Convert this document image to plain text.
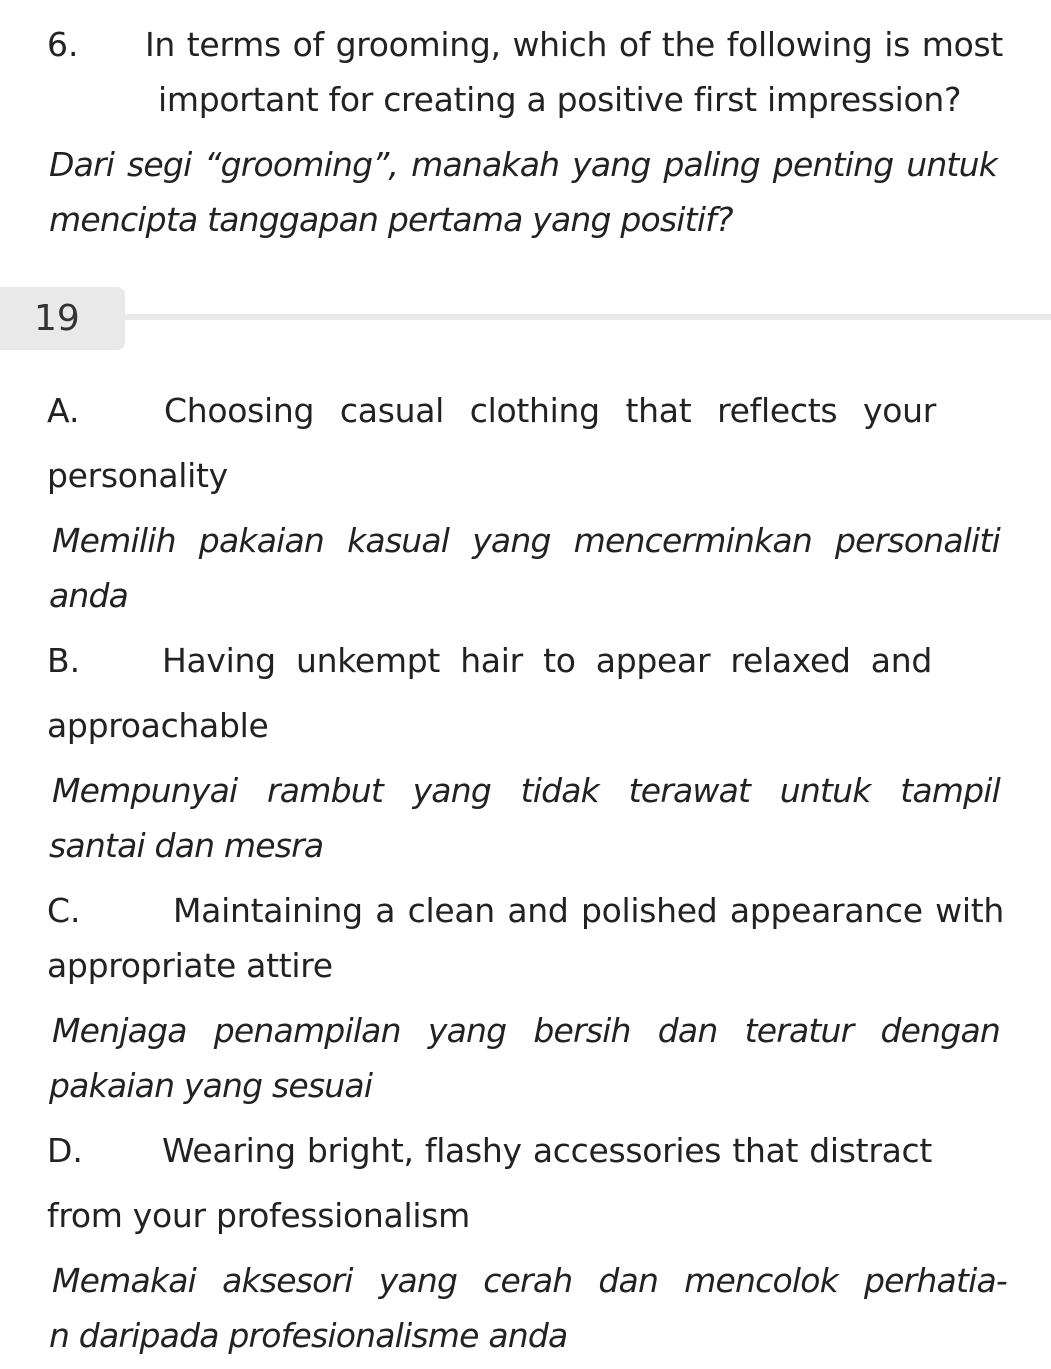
6. In terms of grooming, which of the following is most
important for creating a positive first impression?
Dari segi “grooming”, manakah yang paling penting untuk
mencipta tanggapan pertama yang positif?
19
A.	Choosing casual clothing that reflects your
personality
Memilih pakaian kasual yang mencerminkan personaliti
anda
B. Having unkempt hair to appear relaxed and
approachable
Mempunyai rambut yang tidak terawat untuk tampil
santai dan mesra
C.	Maintaining a clean and polished appearance with
appropriate attire
Menjaga penampilan yang bersih dan teratur dengan
pakaian yang sesuai
D. Wearing bright, flashy accessories that distract
from your professionalism
Memakai aksesori yang cerah dan mencolok perhatia-
n daripada profesionalisme anda
